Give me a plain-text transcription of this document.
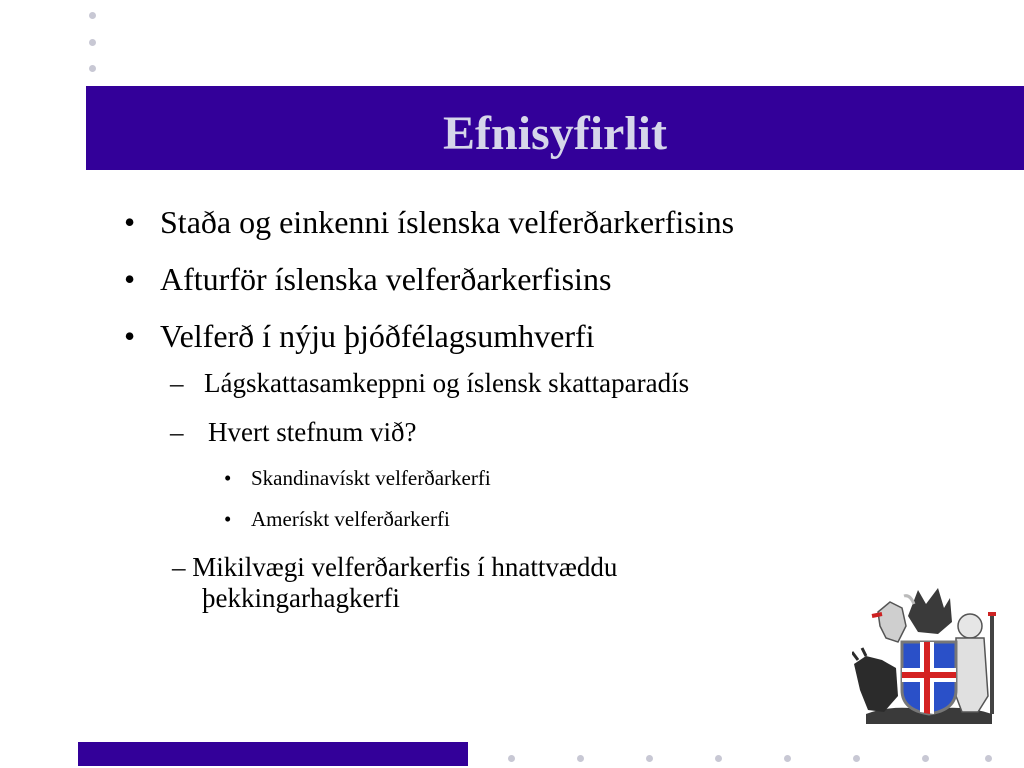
Efnisyfirlit
• Staða og einkenni íslenska velferðarkerfisins
• Afturför íslenska velferðarkerfisins
• Velferð í nýju þjóðfélagsumhverfi
– Lágskattasamkeppni og íslensk skattaparadís
– Hvert stefnum við?
• Skandinavískt velferðarkerfi
• Amerískt velferðarkerfi
– Mikilvægi velferðarkerfis í hnattvæddu
þekkingarhagkerfi
